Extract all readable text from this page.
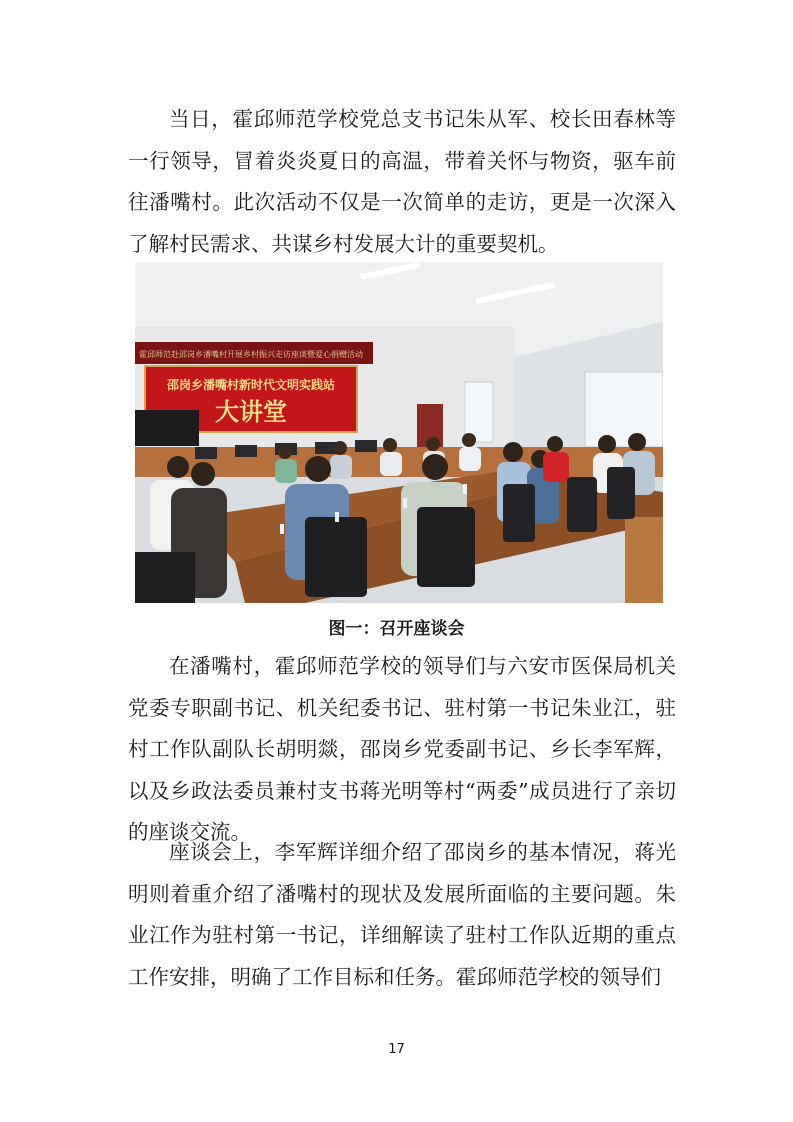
当日，霍邱师范学校党总支书记朱从军、校长田春林等一行领导，冒着炎炎夏日的高温，带着关怀与物资，驱车前往潘嘴村。此次活动不仅是一次简单的走访，更是一次深入了解村民需求、共谋乡村发展大计的重要契机。

霍邱师范赴邵岗乡潘嘴村开展乡村振兴走访座谈暨爱心捐赠活动
邵岗乡潘嘴村新时代文明实践站
大讲堂

图一：召开座谈会

在潘嘴村，霍邱师范学校的领导们与六安市医保局机关党委专职副书记、机关纪委书记、驻村第一书记朱业江，驻村工作队副队长胡明燚，邵岗乡党委副书记、乡长李军辉，以及乡政法委员兼村支书蒋光明等村“两委”成员进行了亲切的座谈交流。

座谈会上，李军辉详细介绍了邵岗乡的基本情况，蒋光明则着重介绍了潘嘴村的现状及发展所面临的主要问题。朱业江作为驻村第一书记，详细解读了驻村工作队近期的重点工作安排，明确了工作目标和任务。霍邱师范学校的领导们

17
